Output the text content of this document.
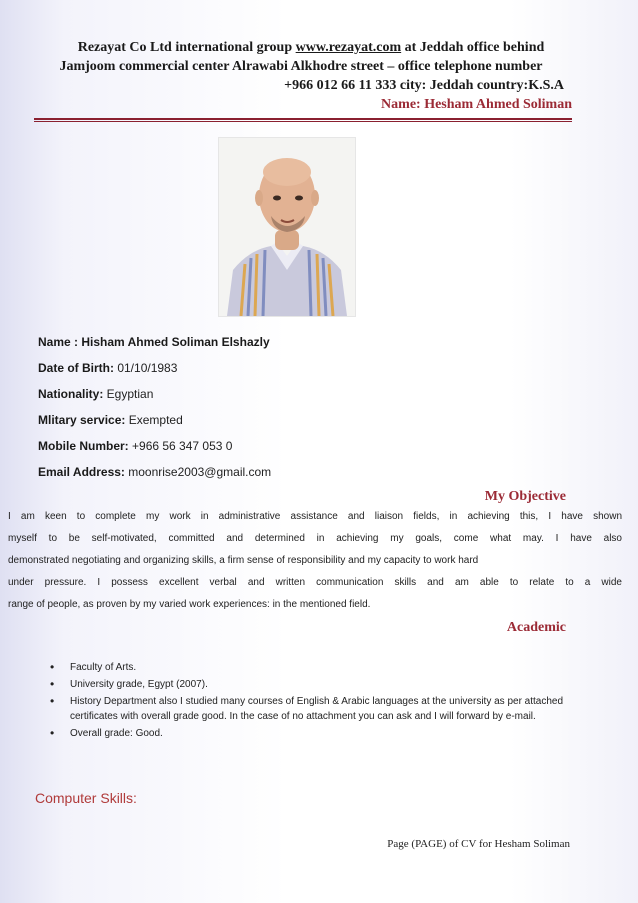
Rezayat Co Ltd international group www.rezayat.com at Jeddah office behind
Jamjoom commercial center Alrawabi Alkhodre street – office telephone number
+966 012 66 11 333 city: Jeddah country:K.S.A
Name: Hesham Ahmed Soliman
Name : Hisham Ahmed Soliman Elshazly
Date of Birth: 01/10/1983
Nationality: Egyptian
Mlitary service: Exempted
Mobile Number: +966 56 347 053 0
Email Address: moonrise2003@gmail.com
My Objective
I am keen to complete my work in administrative assistance and liaison fields, in achieving this, I have shown
myself to be self-motivated, committed and determined in achieving my goals, come what may. I have also
demonstrated negotiating and organizing skills, a firm sense of responsibility and my capacity to work hard
under pressure. I possess excellent verbal and written communication skills and am able to relate to a wide
range of people, as proven by my varied work experiences: in the mentioned field.
Academic
• Faculty of Arts.
• University grade, Egypt (2007).
• History Department also I studied many courses of English & Arabic languages at the university as per attached certificates with overall grade good. In the case of no attachment you can ask and I will forward by e-mail.
• Overall grade: Good.
Computer Skills:
Page (PAGE) of CV for Hesham Soliman
